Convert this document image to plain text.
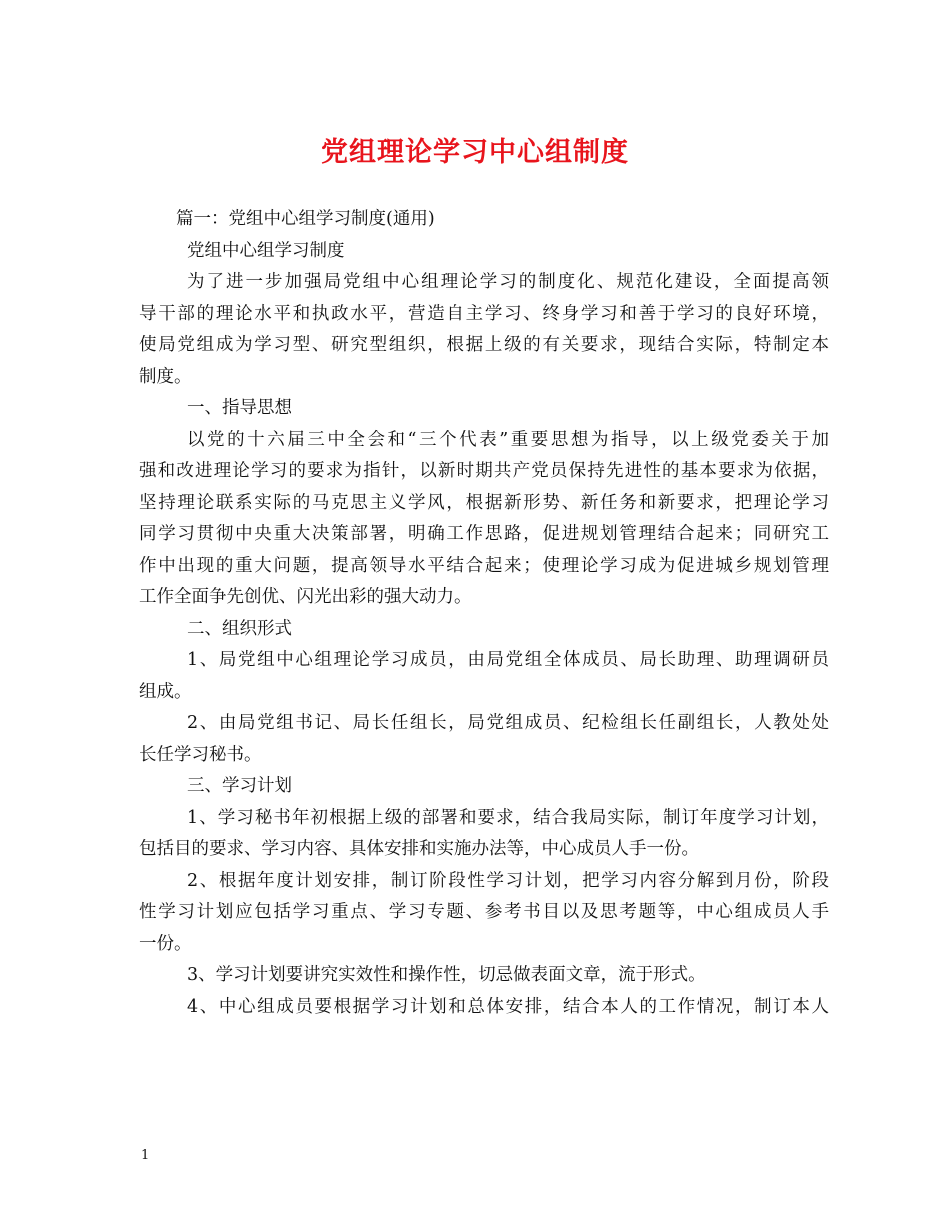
党组理论学习中心组制度
篇一：党组中心组学习制度(通用)
党组中心组学习制度
为了进一步加强局党组中心组理论学习的制度化、规范化建设，全面提高领
导干部的理论水平和执政水平，营造自主学习、终身学习和善于学习的良好环境，
使局党组成为学习型、研究型组织，根据上级的有关要求，现结合实际，特制定本
制度。
一、指导思想
以党的十六届三中全会和“三个代表”重要思想为指导，以上级党委关于加
强和改进理论学习的要求为指针，以新时期共产党员保持先进性的基本要求为依据，
坚持理论联系实际的马克思主义学风，根据新形势、新任务和新要求，把理论学习
同学习贯彻中央重大决策部署，明确工作思路，促进规划管理结合起来；同研究工
作中出现的重大问题，提高领导水平结合起来；使理论学习成为促进城乡规划管理
工作全面争先创优、闪光出彩的强大动力。
二、组织形式
1、局党组中心组理论学习成员，由局党组全体成员、局长助理、助理调研员
组成。
2、由局党组书记、局长任组长，局党组成员、纪检组长任副组长，人教处处
长任学习秘书。
三、学习计划
1、学习秘书年初根据上级的部署和要求，结合我局实际，制订年度学习计划，
包括目的要求、学习内容、具体安排和实施办法等，中心成员人手一份。
2、根据年度计划安排，制订阶段性学习计划，把学习内容分解到月份，阶段
性学习计划应包括学习重点、学习专题、参考书目以及思考题等，中心组成员人手
一份。
3、学习计划要讲究实效性和操作性，切忌做表面文章，流于形式。
4、中心组成员要根据学习计划和总体安排，结合本人的工作情况，制订本人
1
